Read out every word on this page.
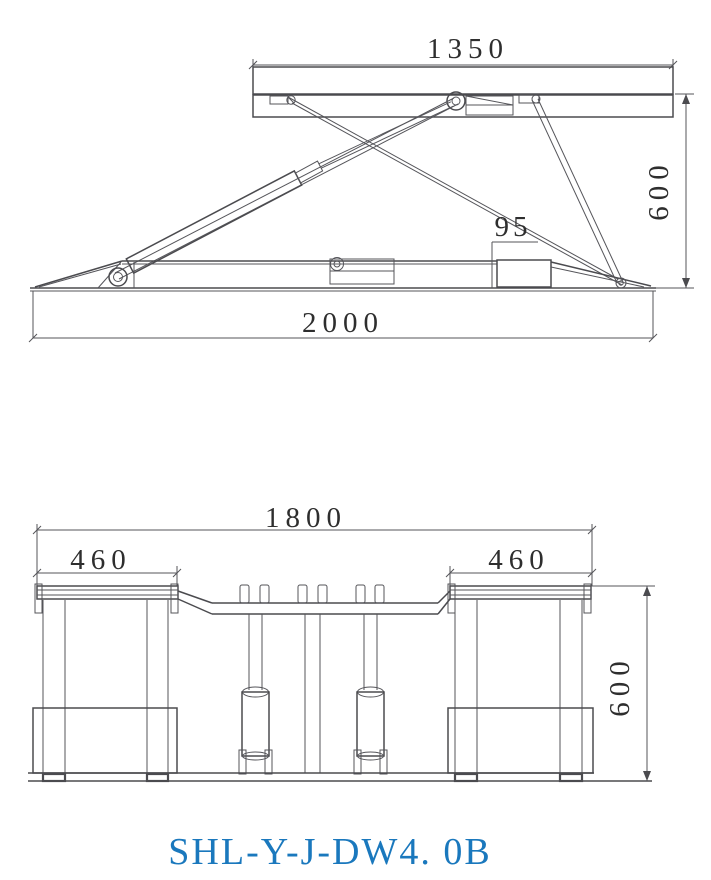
1350
95
2000
600
1800
460	460
600
SHL-Y-J-DW4. 0B
